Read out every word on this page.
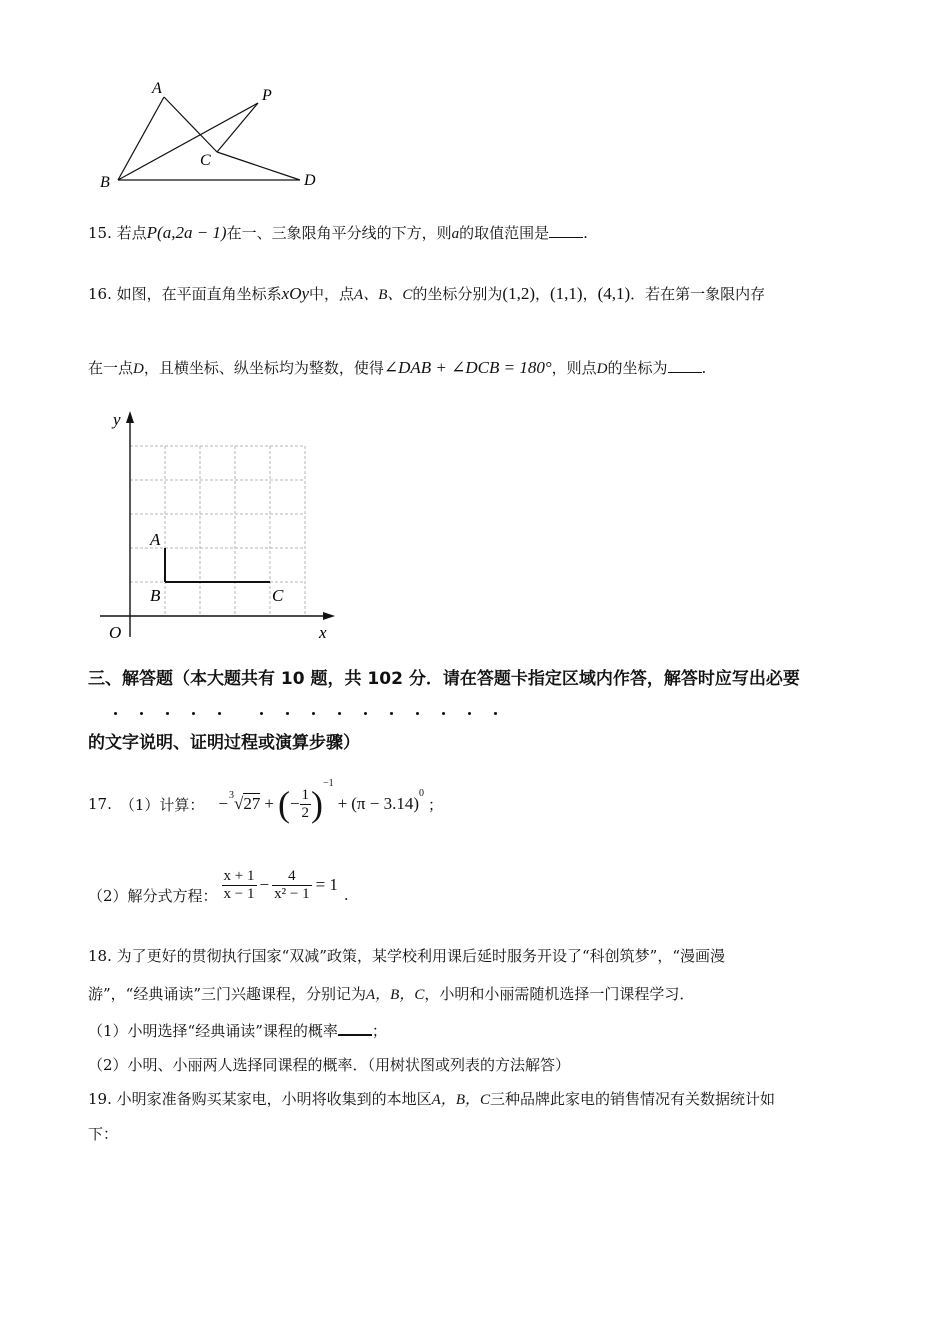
A	P
C
B	D
15. 若点P(a,2a − 1)在一、三象限角平分线的下方，则a的取值范围是 .
16. 如图，在平面直角坐标系xOy中，点A、B、C的坐标分别为(1,2)，(1,1)，(4,1)．若在第一象限内存
在一点D，且横坐标、纵坐标均为整数，使得∠DAB + ∠DCB = 180°，则点D的坐标为 .
y
x
O
A
B	C
三、解答题（本大题共有 10 题，共 102 分．请在答题卡指定区域内作答，解答时应写出必要
的文字说明、证明过程或演算步骤）
17. （1）计算： − 3 √27 + ( − $\frac{1}{2}$ )
$^{-1}$
+ (π − 3.14)
$^0$
；
（2）解分式方程： $\frac{x + 1}{x - 1} - \frac{4}{\text{x² − 1}} = 1$
.
18. 为了更好的贯彻执行国家“双减”政策，某学校利用课后延时服务开设了“科创筑梦”，“漫画漫
游”，“经典诵读”三门兴趣课程，分别记为A，B，C，小明和小丽需随机选择一门课程学习．
（1）小明选择“经典诵读”课程的概率 ；
（2）小明、小丽两人选择同课程的概率．（用树状图或列表的方法解答）
19. 小明家准备购买某家电，小明将收集到的本地区A，B，C三种品牌此家电的销售情况有关数据统计如
下：
